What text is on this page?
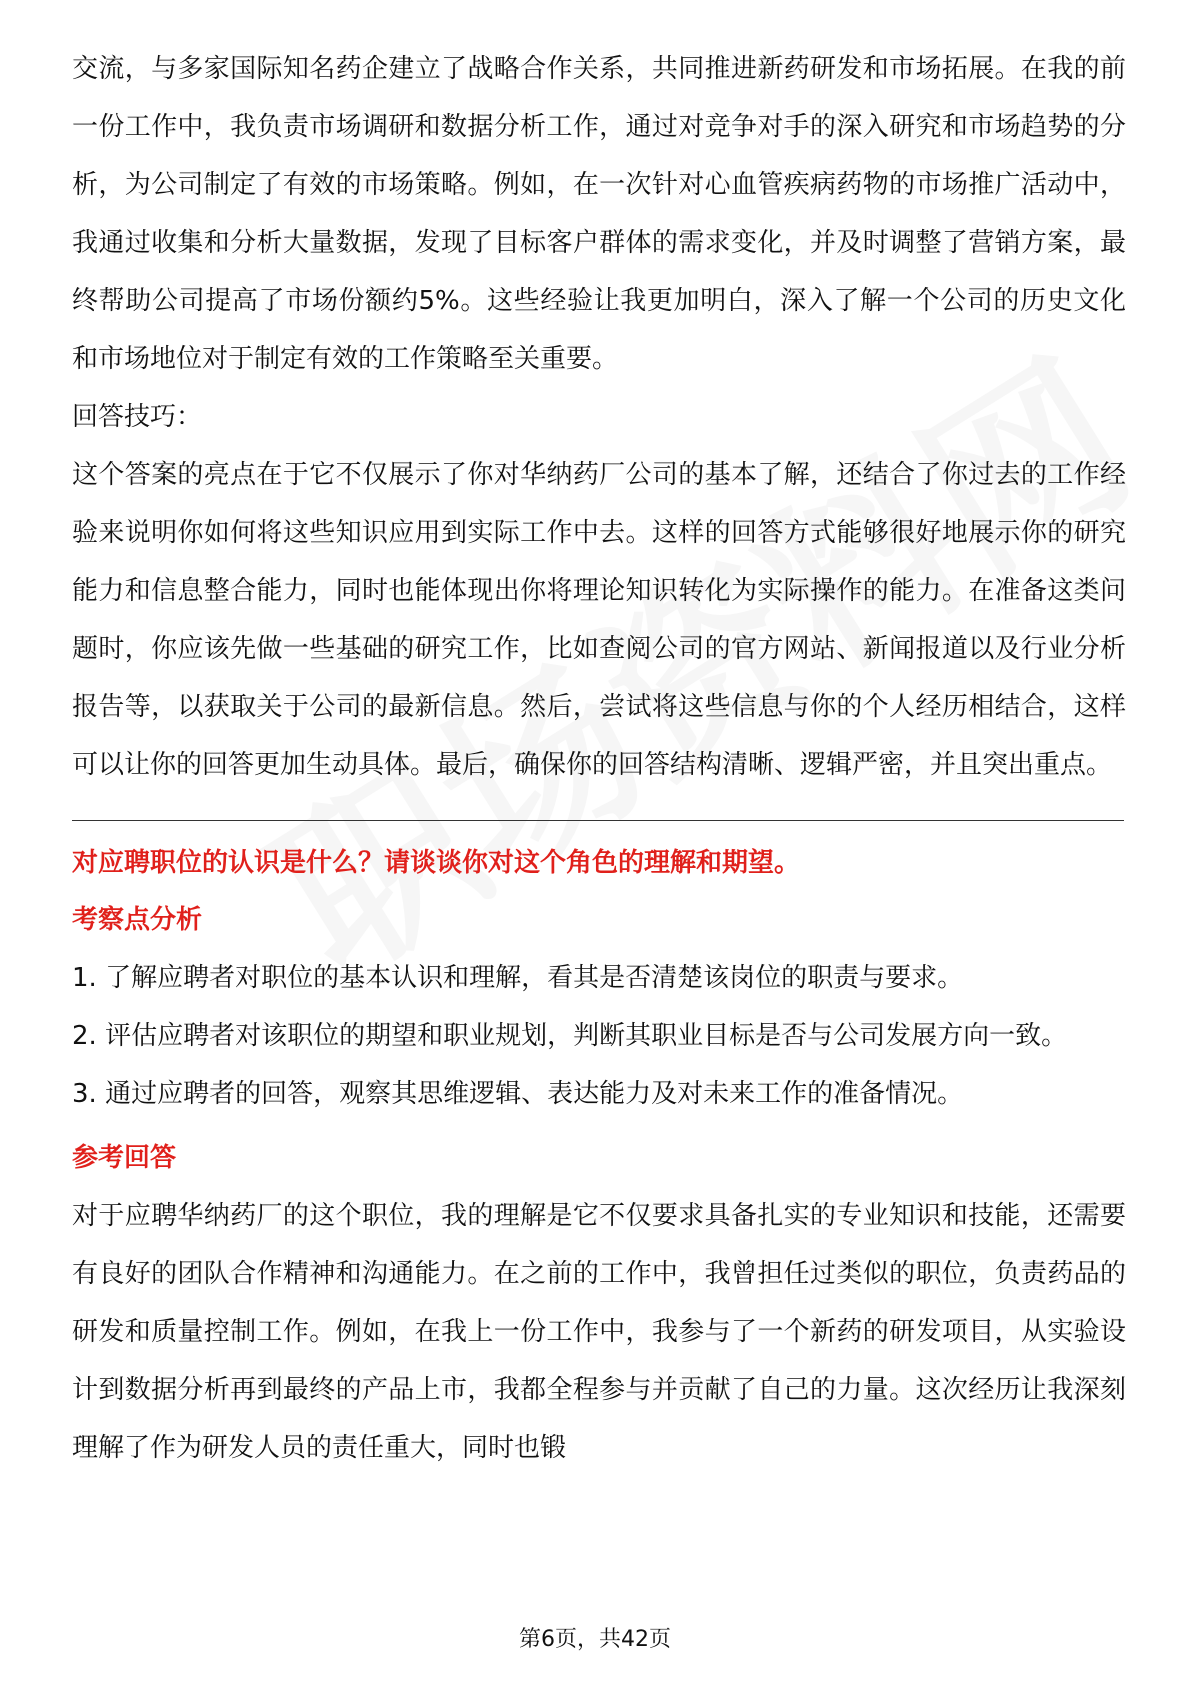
交流，与多家国际知名药企建立了战略合作关系，共同推进新药研发和市场拓展。在我的前一份工作中，我负责市场调研和数据分析工作，通过对竞争对手的深入研究和市场趋势的分析，为公司制定了有效的市场策略。例如，在一次针对心血管疾病药物的市场推广活动中，我通过收集和分析大量数据，发现了目标客户群体的需求变化，并及时调整了营销方案，最终帮助公司提高了市场份额约5%。这些经验让我更加明白，深入了解一个公司的历史文化和市场地位对于制定有效的工作策略至关重要。

回答技巧：

这个答案的亮点在于它不仅展示了你对华纳药厂公司的基本了解，还结合了你过去的工作经验来说明你如何将这些知识应用到实际工作中去。这样的回答方式能够很好地展示你的研究能力和信息整合能力，同时也能体现出你将理论知识转化为实际操作的能力。在准备这类问题时，你应该先做一些基础的研究工作，比如查阅公司的官方网站、新闻报道以及行业分析报告等，以获取关于公司的最新信息。然后，尝试将这些信息与你的个人经历相结合，这样可以让你的回答更加生动具体。最后，确保你的回答结构清晰、逻辑严密，并且突出重点。

对应聘职位的认识是什么？请谈谈你对这个角色的理解和期望。

考察点分析

1. 了解应聘者对职位的基本认识和理解，看其是否清楚该岗位的职责与要求。

2. 评估应聘者对该职位的期望和职业规划，判断其职业目标是否与公司发展方向一致。

3. 通过应聘者的回答，观察其思维逻辑、表达能力及对未来工作的准备情况。

参考回答

对于应聘华纳药厂的这个职位，我的理解是它不仅要求具备扎实的专业知识和技能，还需要有良好的团队合作精神和沟通能力。在之前的工作中，我曾担任过类似的职位，负责药品的研发和质量控制工作。例如，在我上一份工作中，我参与了一个新药的研发项目，从实验设计到数据分析再到最终的产品上市，我都全程参与并贡献了自己的力量。这次经历让我深刻理解了作为研发人员的责任重大，同时也锻

第6页，共42页
